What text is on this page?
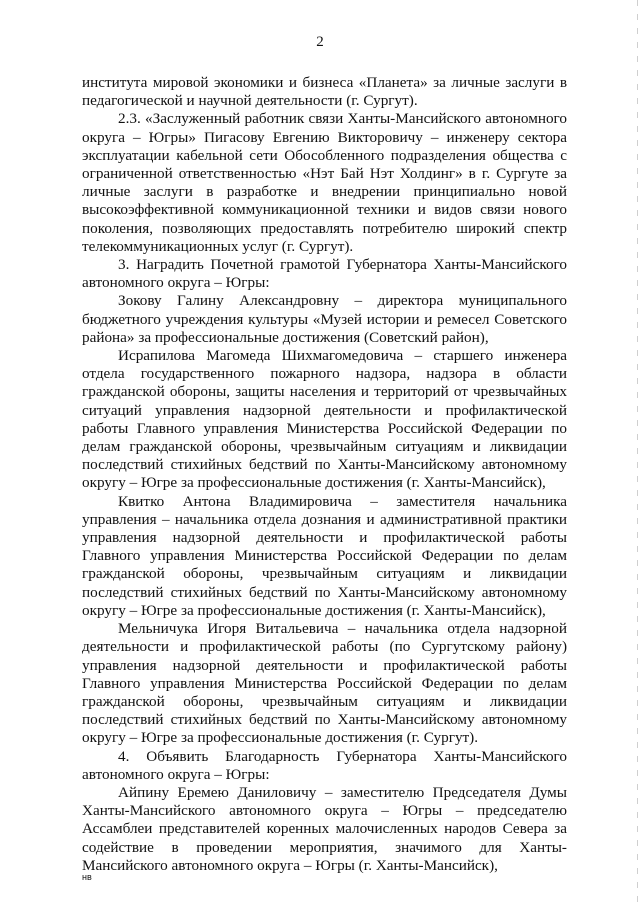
2

института мировой экономики и бизнеса «Планета» за личные заслуги в педагогической и научной деятельности (г. Сургут).

2.3. «Заслуженный работник связи Ханты-Мансийского автономного округа – Югры» Пигасову Евгению Викторовичу – инженеру сектора эксплуатации кабельной сети Обособленного подразделения общества с ограниченной ответственностью «Нэт Бай Нэт Холдинг» в г. Сургуте за личные заслуги в разработке и внедрении принципиально новой высокоэффективной коммуникационной техники и видов связи нового поколения, позволяющих предоставлять потребителю широкий спектр телекоммуникационных услуг (г. Сургут).

3. Наградить Почетной грамотой Губернатора Ханты-Мансийского автономного округа – Югры:

Зокову Галину Александровну – директора муниципального бюджетного учреждения культуры «Музей истории и ремесел Советского района» за профессиональные достижения (Советский район),

Исрапилова Магомеда Шихмагомедовича – старшего инженера отдела государственного пожарного надзора, надзора в области гражданской обороны, защиты населения и территорий от чрезвычайных ситуаций управления надзорной деятельности и профилактической работы Главного управления Министерства Российской Федерации по делам гражданской обороны, чрезвычайным ситуациям и ликвидации последствий стихийных бедствий по Ханты-Мансийскому автономному округу – Югре за профессиональные достижения (г. Ханты-Мансийск),

Квитко Антона Владимировича – заместителя начальника управления – начальника отдела дознания и административной практики управления надзорной деятельности и профилактической работы Главного управления Министерства Российской Федерации по делам гражданской обороны, чрезвычайным ситуациям и ликвидации последствий стихийных бедствий по Ханты-Мансийскому автономному округу – Югре за профессиональные достижения (г. Ханты-Мансийск),

Мельничука Игоря Витальевича – начальника отдела надзорной деятельности и профилактической работы (по Сургутскому району) управления надзорной деятельности и профилактической работы Главного управления Министерства Российской Федерации по делам гражданской обороны, чрезвычайным ситуациям и ликвидации последствий стихийных бедствий по Ханты-Мансийскому автономному округу – Югре за профессиональные достижения (г. Сургут).

4. Объявить Благодарность Губернатора Ханты-Мансийского автономного округа – Югры:

Айпину Еремею Даниловичу – заместителю Председателя Думы Ханты-Мансийского автономного округа – Югры – председателю Ассамблеи представителей коренных малочисленных народов Севера за содействие в проведении мероприятия, значимого для Ханты-Мансийского автономного округа – Югры (г. Ханты-Мансийск),

нв
